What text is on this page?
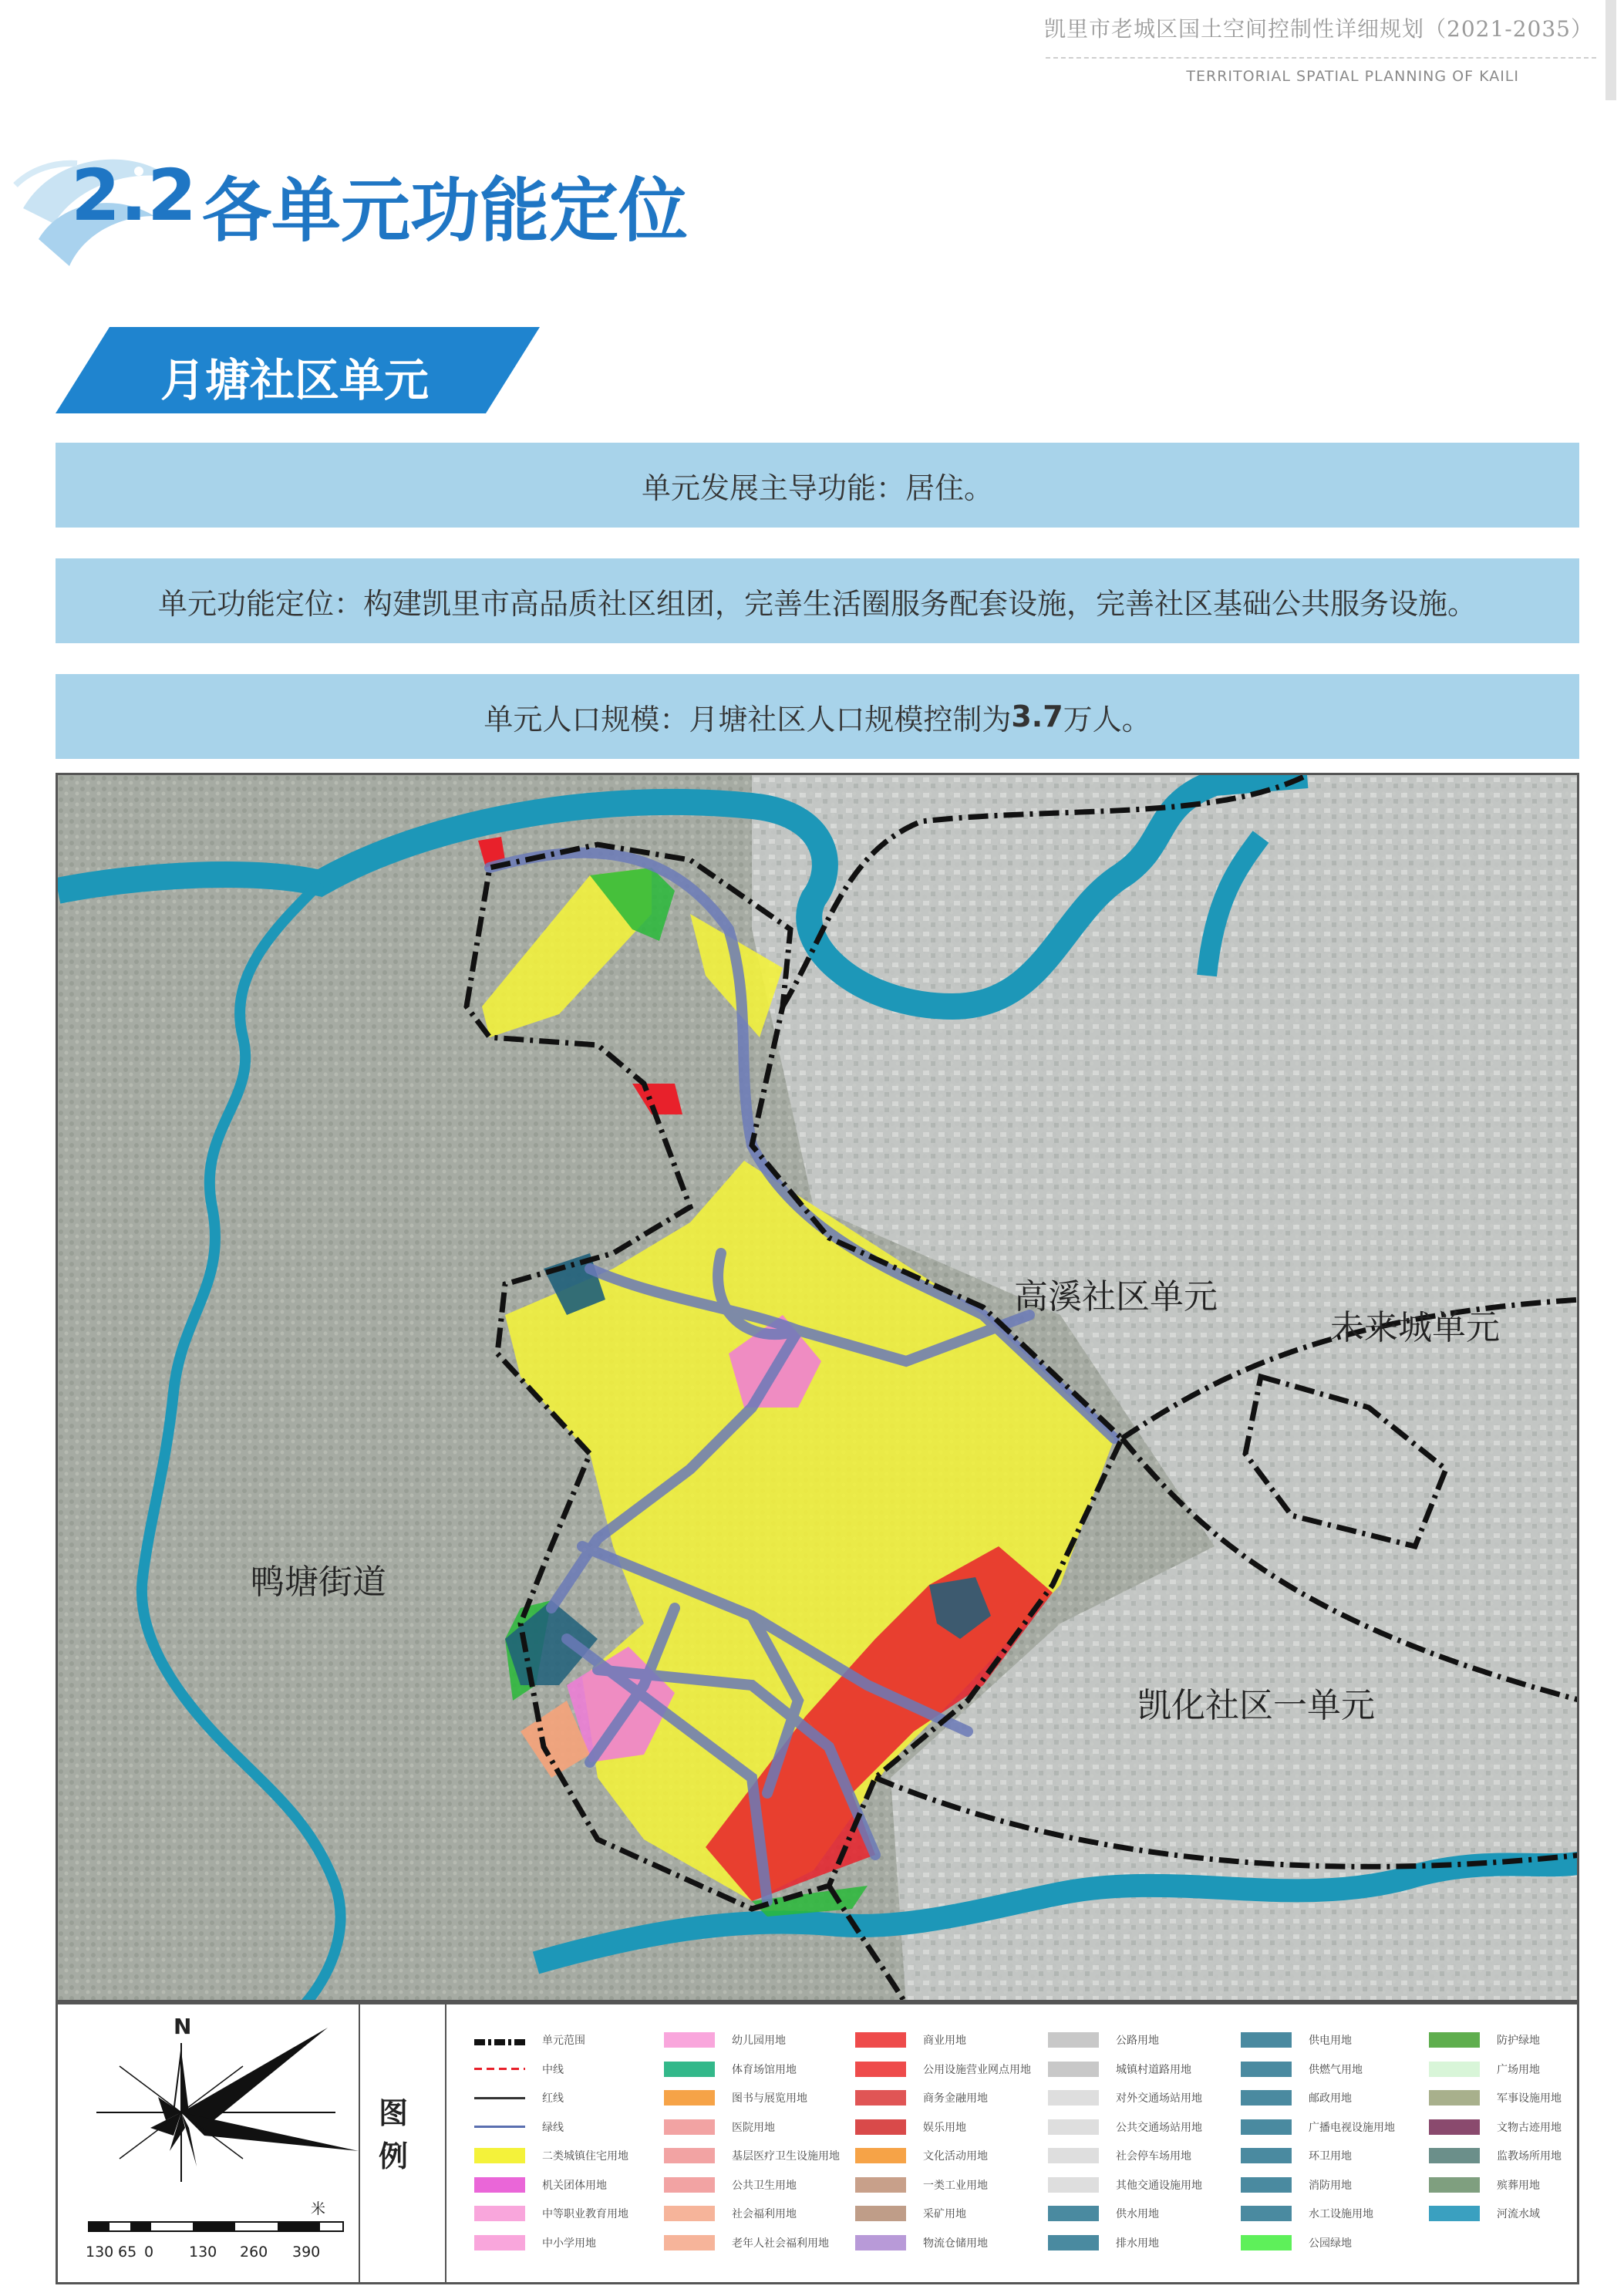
凯里市老城区国土空间控制性详细规划（2021-2035）
TERRITORIAL SPATIAL PLANNING OF KAILI
2.2 各单元功能定位
月塘社区单元
单元发展主导功能：居住。
单元功能定位：构建凯里市高品质社区组团，完善生活圈服务配套设施，完善社区基础公共服务设施。
单元人口规模：月塘社区人口规模控制为 3.7 万人。
高溪社区单元
未来城单元
鸭塘街道
凯化社区一单元
N
米
130 65 0 130 260 390
图
例
单元范围
中线
红线
绿线
二类城镇住宅用地
机关团体用地
中等职业教育用地
中小学用地
幼儿园用地
体育场馆用地
图书与展览用地
医院用地
基层医疗卫生设施用地
公共卫生用地
社会福利用地
老年人社会福利用地
商业用地
公用设施营业网点用地
商务金融用地
娱乐用地
文化活动用地
一类工业用地
采矿用地
物流仓储用地
公路用地
城镇村道路用地
对外交通场站用地
公共交通场站用地
社会停车场用地
其他交通设施用地
供水用地
排水用地
供电用地
供燃气用地
邮政用地
广播电视设施用地
环卫用地
消防用地
水工设施用地
公园绿地
防护绿地
广场用地
军事设施用地
文物古迹用地
监教场所用地
殡葬用地
河流水域
